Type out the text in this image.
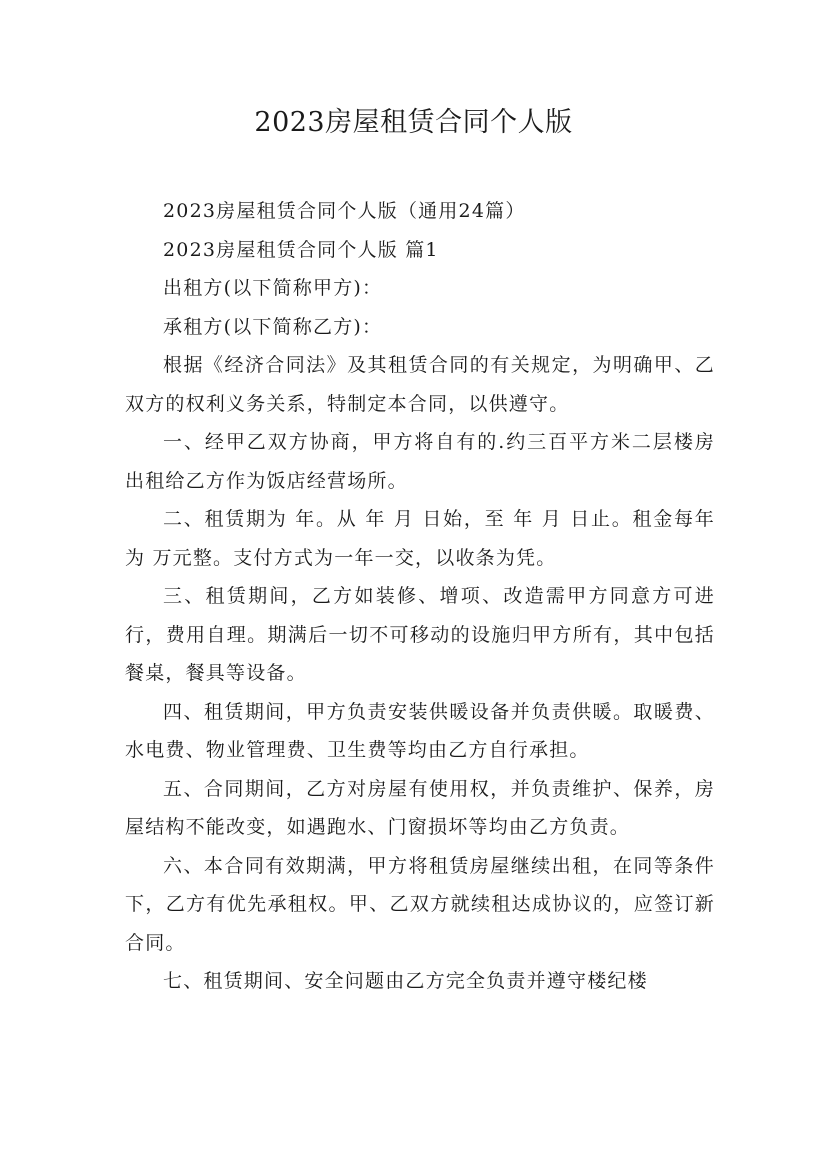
2023房屋租赁合同个人版

2023房屋租赁合同个人版（通用24篇）

2023房屋租赁合同个人版 篇1

出租方(以下简称甲方)：

承租方(以下简称乙方)：

根据《经济合同法》及其租赁合同的有关规定，为明确甲、乙双方的权利义务关系，特制定本合同，以供遵守。

一、经甲乙双方协商，甲方将自有的.约三百平方米二层楼房出租给乙方作为饭店经营场所。

二、租赁期为 年。从 年 月 日始，至 年 月 日止。租金每年为 万元整。支付方式为一年一交，以收条为凭。

三、租赁期间，乙方如装修、增项、改造需甲方同意方可进行，费用自理。期满后一切不可移动的设施归甲方所有，其中包括餐桌，餐具等设备。

四、租赁期间，甲方负责安装供暖设备并负责供暖。取暖费、水电费、物业管理费、卫生费等均由乙方自行承担。

五、合同期间，乙方对房屋有使用权，并负责维护、保养，房屋结构不能改变，如遇跑水、门窗损坏等均由乙方负责。

六、本合同有效期满，甲方将租赁房屋继续出租，在同等条件下，乙方有优先承租权。甲、乙双方就续租达成协议的，应签订新合同。

七、租赁期间、安全问题由乙方完全负责并遵守楼纪楼
